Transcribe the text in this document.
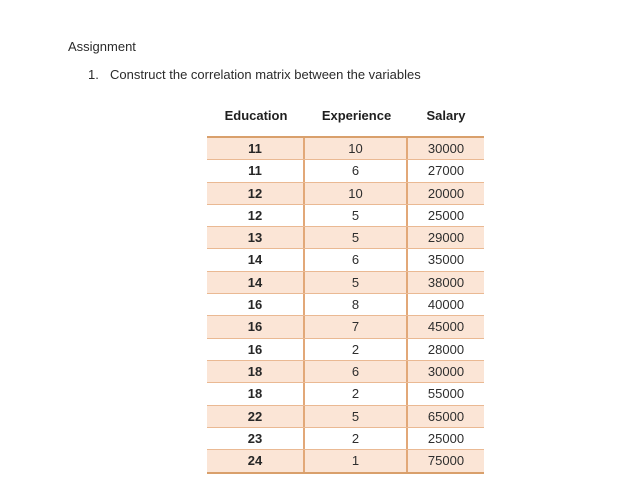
Assignment
1. Construct the correlation matrix between the variables
Education	Experience	Salary
11	10	30000
11	6	27000
12	10	20000
12	5	25000
13	5	29000
14	6	35000
14	5	38000
16	8	40000
16	7	45000
16	2	28000
18	6	30000
18	2	55000
22	5	65000
23	2	25000
24	1	75000
